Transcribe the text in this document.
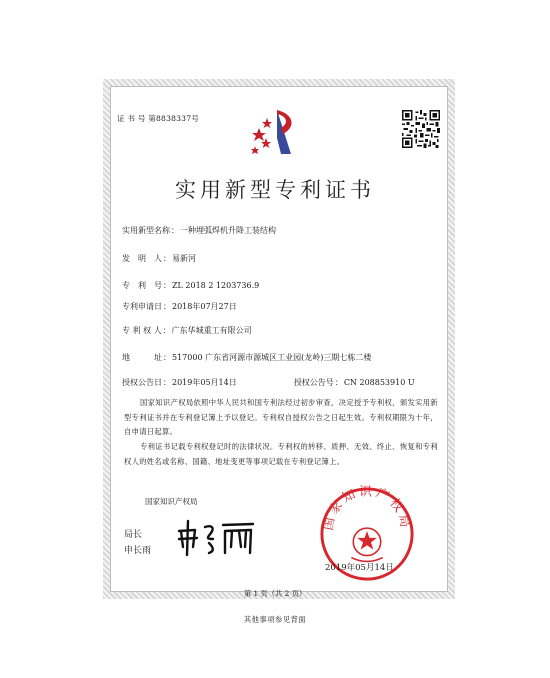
证 书 号 第8838337号
实用新型专利证书
实用新型名称：一种埋弧焊机升降工装结构
发　明　人：易新河
专　利　号：ZL 2018 2 1203736.9
专利申请日：2018年07月27日
专 利 权 人：广东华城重工有限公司
地　　　址：517000 广东省河源市源城区工业园(龙岭)三期七栋二楼
授权公告日：2019年05月14日	授权公告号：CN 208853910 U
国家知识产权局依照中华人民共和国专利法经过初步审查，决定授予专利权，颁发实用新型专利证书并在专利登记簿上予以登记。专利权自授权公告之日起生效。专利权期限为十年，自申请日起算。
专利证书记载专利权登记时的法律状况。专利权的转移、质押、无效、终止、恢复和专利权人的姓名或名称、国籍、地址变更等事项记载在专利登记簿上。
国家知识产权局
局长
申长雨
国家知识产权局
2019年05月14日
第 1 页（共 2 页）
其他事项参见背面
